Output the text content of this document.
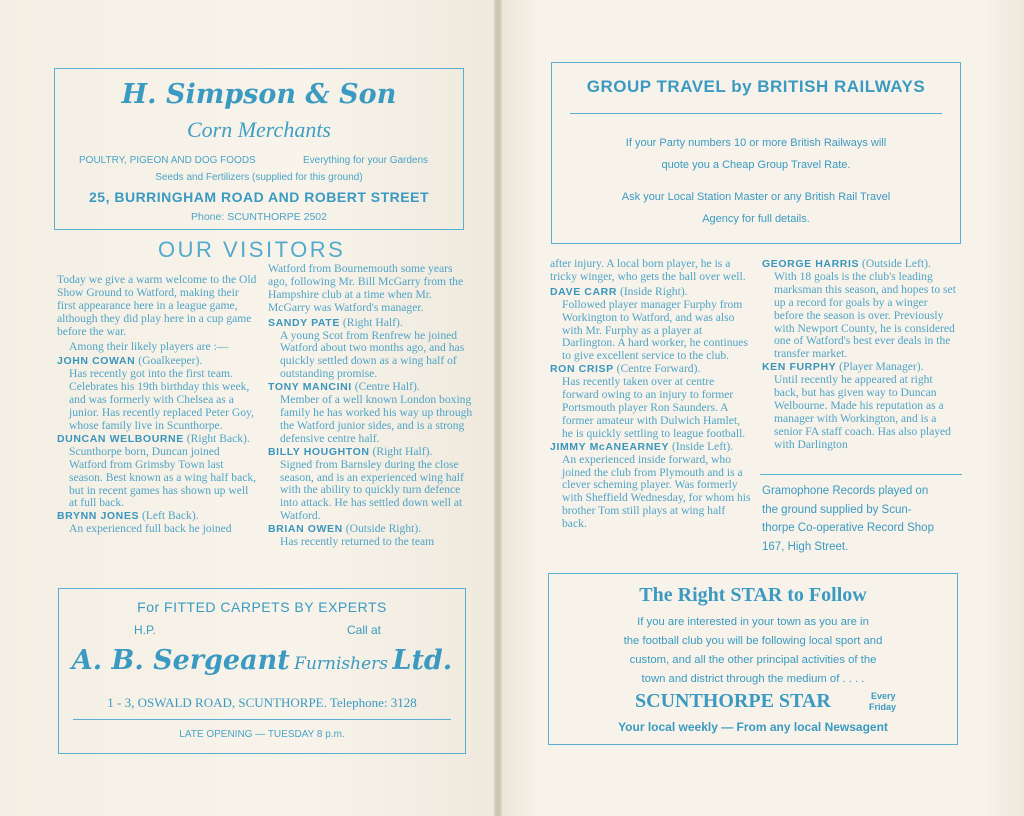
H. Simpson & Son
Corn Merchants
POULTRY, PIGEON AND DOG FOODS	Everything for your Gardens
Seeds and Fertilizers (supplied for this ground)
25, BURRINGHAM ROAD AND ROBERT STREET
Phone: SCUNTHORPE 2502
OUR VISITORS

Today we give a warm welcome to the Old Show Ground to Watford, making their first appearance here in a league game, although they did play here in a cup game before the war.

Among their likely players are :—

JOHN COWAN (Goalkeeper).

Has recently got into the first team. Celebrates his 19th birthday this week, and was formerly with Chelsea as a junior. Has recently replaced Peter Goy, whose family live in Scunthorpe.

DUNCAN WELBOURNE (Right Back).

Scunthorpe born, Duncan joined Watford from Grimsby Town last season. Best known as a wing half back, but in recent games has shown up well at full back.

BRYNN JONES (Left Back).

An experienced full back he joined

Watford from Bournemouth some years ago, following Mr. Bill McGarry from the Hampshire club at a time when Mr. McGarry was Watford's manager.

SANDY PATE (Right Half).

A young Scot from Renfrew he joined Watford about two months ago, and has quickly settled down as a wing half of outstanding promise.

TONY MANCINI (Centre Half).

Member of a well known London boxing family he has worked his way up through the Watford junior sides, and is a strong defensive centre half.

BILLY HOUGHTON (Right Half).

Signed from Barnsley during the close season, and is an experienced wing half with the ability to quickly turn defence into attack. He has settled down well at Watford.

BRIAN OWEN (Outside Right).

Has recently returned to the team

after injury. A local born player, he is a tricky winger, who gets the ball over well.

DAVE CARR (Inside Right).

Followed player manager Furphy from Workington to Watford, and was also with Mr. Furphy as a player at Darlington. A hard worker, he continues to give excellent service to the club.

RON CRISP (Centre Forward).

Has recently taken over at centre forward owing to an injury to former Portsmouth player Ron Saunders. A former amateur with Dulwich Hamlet, he is quickly settling to league football.

JIMMY McANEARNEY (Inside Left).

An experienced inside forward, who joined the club from Plymouth and is a clever scheming player. Was formerly with Sheffield Wednesday, for whom his brother Tom still plays at wing half back.

GEORGE HARRIS (Outside Left).

With 18 goals is the club's leading marksman this season, and hopes to set up a record for goals by a winger before the season is over. Previously with Newport County, he is considered one of Watford's best ever deals in the transfer market.

KEN FURPHY (Player Manager).

Until recently he appeared at right back, but has given way to Duncan Welbourne. Made his reputation as a manager with Workington, and is a senior FA staff coach. Has also played with Darlington

For FITTED CARPETS BY EXPERTS
H.P.	Call at
A. B. Sergeant Furnishers Ltd.
1 - 3, OSWALD ROAD, SCUNTHORPE. Telephone: 3128
LATE OPENING — TUESDAY 8 p.m.
GROUP TRAVEL by BRITISH RAILWAYS
If your Party numbers 10 or more British Railways will
quote you a Cheap Group Travel Rate.
Ask your Local Station Master or any British Rail Travel
Agency for full details.
Gramophone Records played on
the ground supplied by Scun-
thorpe Co-operative Record Shop
167, High Street.
The Right STAR to Follow
If you are interested in your town as you are in
the football club you will be following local sport and
custom, and all the other principal activities of the
town and district through the medium of . . . .
SCUNTHORPE STAR	Every
Friday
Your local weekly — From any local Newsagent
